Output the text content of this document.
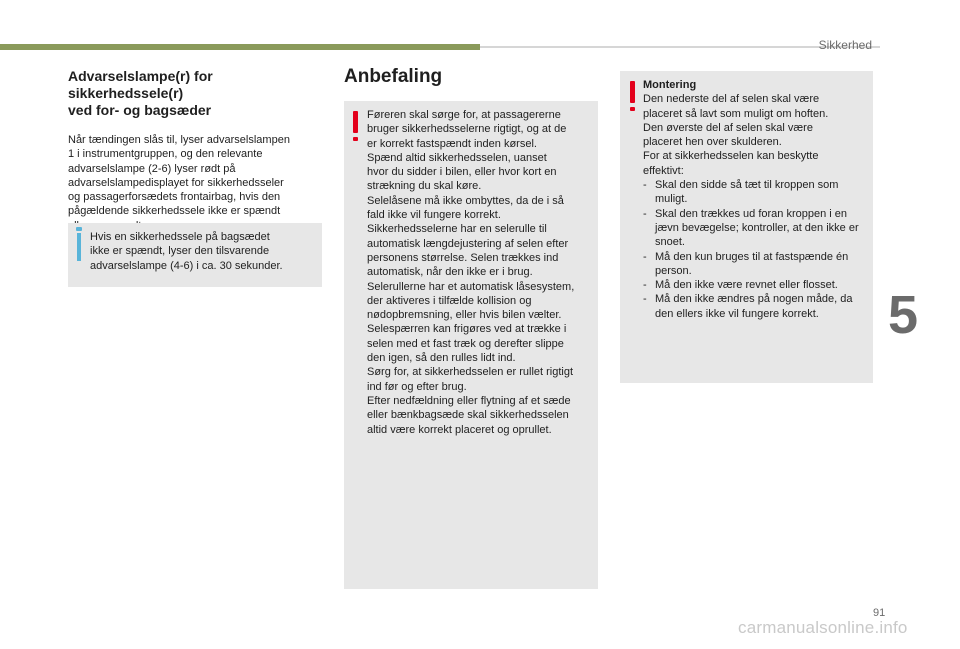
Sikkerhed
Advarselslampe(r) for sikkerhedssele(r)
ved for- og bagsæder
Når tændingen slås til, lyser advarselslampen
1 i instrumentgruppen, og den relevante
advarselslampe (2-6) lyser rødt på
advarselslampedisplayet for sikkerhedsseler
og passagerforsædets frontairbag, hvis den
pågældende sikkerhedssele ikke er spændt
Hvis en sikkerhedssele på bagsædet
ikke er spændt, lyser den tilsvarende
advarselslampe (4-6) i ca. 30 sekunder.
Anbefaling
Føreren skal sørge for, at passagererne
bruger sikkerhedsselerne rigtigt, og at de
er korrekt fastspændt inden kørsel.
Spænd altid sikkerhedsselen, uanset
hvor du sidder i bilen, eller hvor kort en
strækning du skal køre.
Selelåsene må ikke ombyttes, da de i så
fald ikke vil fungere korrekt.
Sikkerhedsselerne har en selerulle til
automatisk længdejustering af selen efter
personens størrelse. Selen trækkes ind
automatisk, når den ikke er i brug.
Selerullerne har et automatisk låsesystem,
der aktiveres i tilfælde kollision og
nødopbremsning, eller hvis bilen vælter.
Selespærren kan frigøres ved at trække i
selen med et fast træk og derefter slippe
den igen, så den rulles lidt ind.
Sørg for, at sikkerhedsselen er rullet rigtigt
ind før og efter brug.
Efter nedfældning eller flytning af et sæde
eller bænkbagsæde skal sikkerhedsselen
altid være korrekt placeret og oprullet.
Montering
Den nederste del af selen skal være
placeret så lavt som muligt om hoften.
Den øverste del af selen skal være
placeret hen over skulderen.
For at sikkerhedsselen kan beskytte
effektivt:
- Skal den sidde så tæt til kroppen som muligt.
- Skal den trækkes ud foran kroppen i en jævn bevægelse; kontroller, at den ikke er snoet.
- Må den kun bruges til at fastspænde én person.
- Må den ikke være revnet eller flosset.
- Må den ikke ændres på nogen måde, da den ellers ikke vil fungere korrekt.	5
91
carmanualsonline.info
